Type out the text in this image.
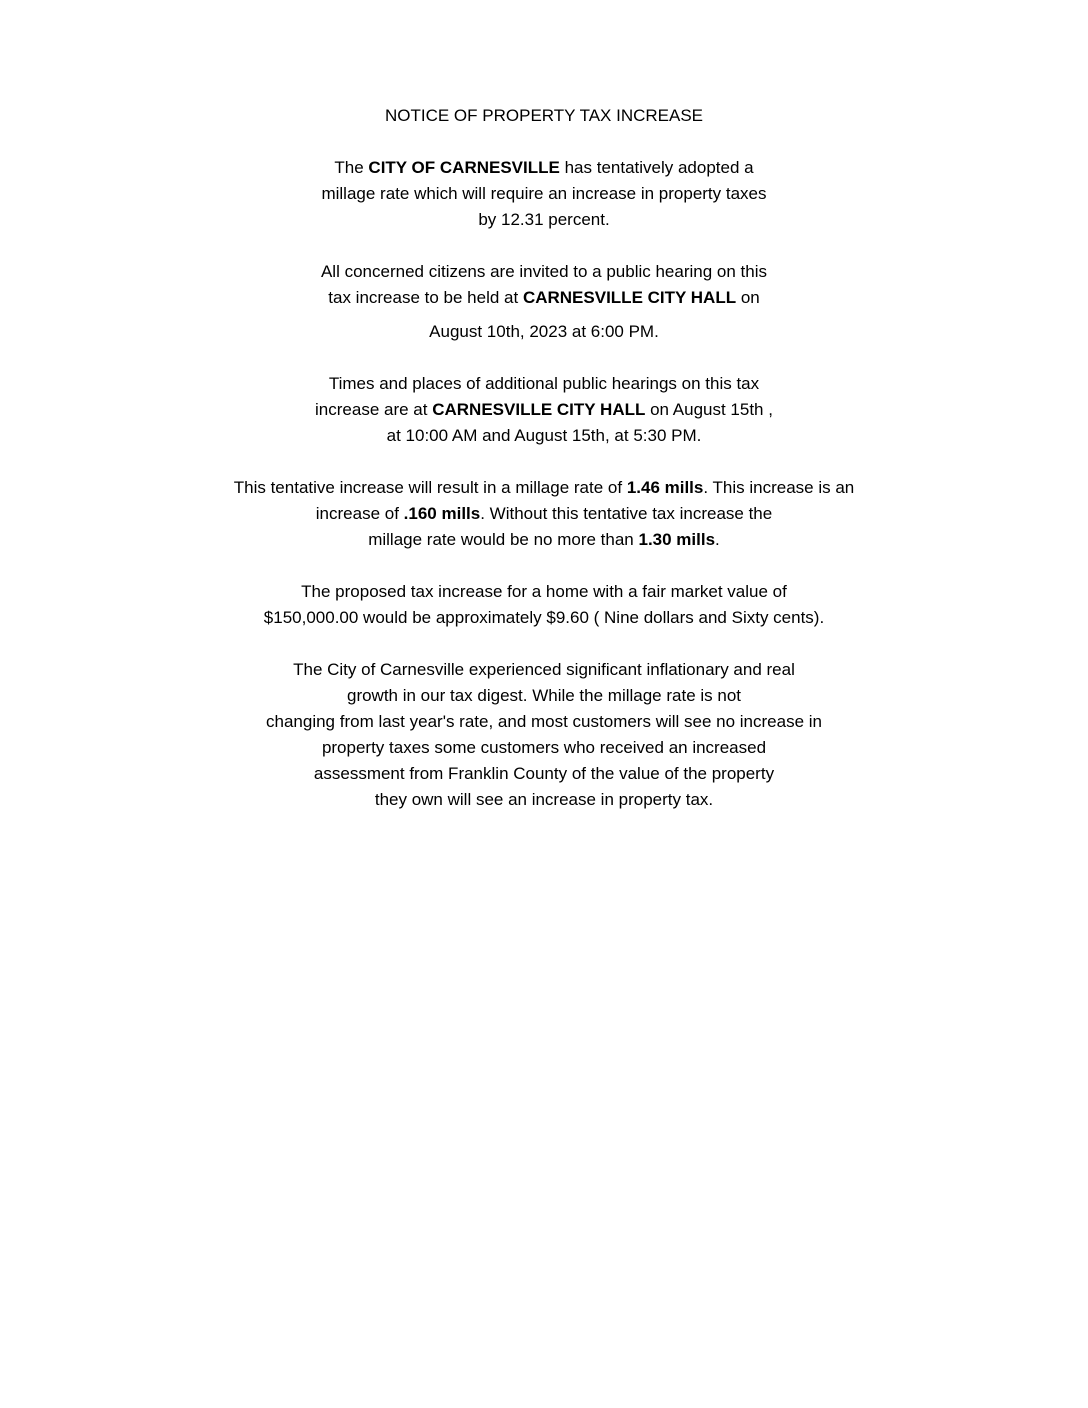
NOTICE OF PROPERTY TAX INCREASE
The CITY OF CARNESVILLE has tentatively adopted a
millage rate which will require an increase in property taxes
by 12.31 percent.
All concerned citizens are invited to a public hearing on this
tax increase to be held at CARNESVILLE CITY HALL on
August 10th, 2023 at 6:00 PM.
Times and places of additional public hearings on this tax
increase are at CARNESVILLE CITY HALL on August 15th ,
at 10:00 AM and August 15th, at 5:30 PM.
This tentative increase will result in a millage rate of 1.46 mills. This increase is an
increase of .160 mills. Without this tentative tax increase the
millage rate would be no more than 1.30 mills.
The proposed tax increase for a home with a fair market value of
$150,000.00 would be approximately $9.60 ( Nine dollars and Sixty cents).
The City of Carnesville experienced significant inflationary and real
growth in our tax digest. While the millage rate is not
changing from last year's rate, and most customers will see no increase in
property taxes some customers who received an increased
assessment from Franklin County of the value of the property
they own will see an increase in property tax.
